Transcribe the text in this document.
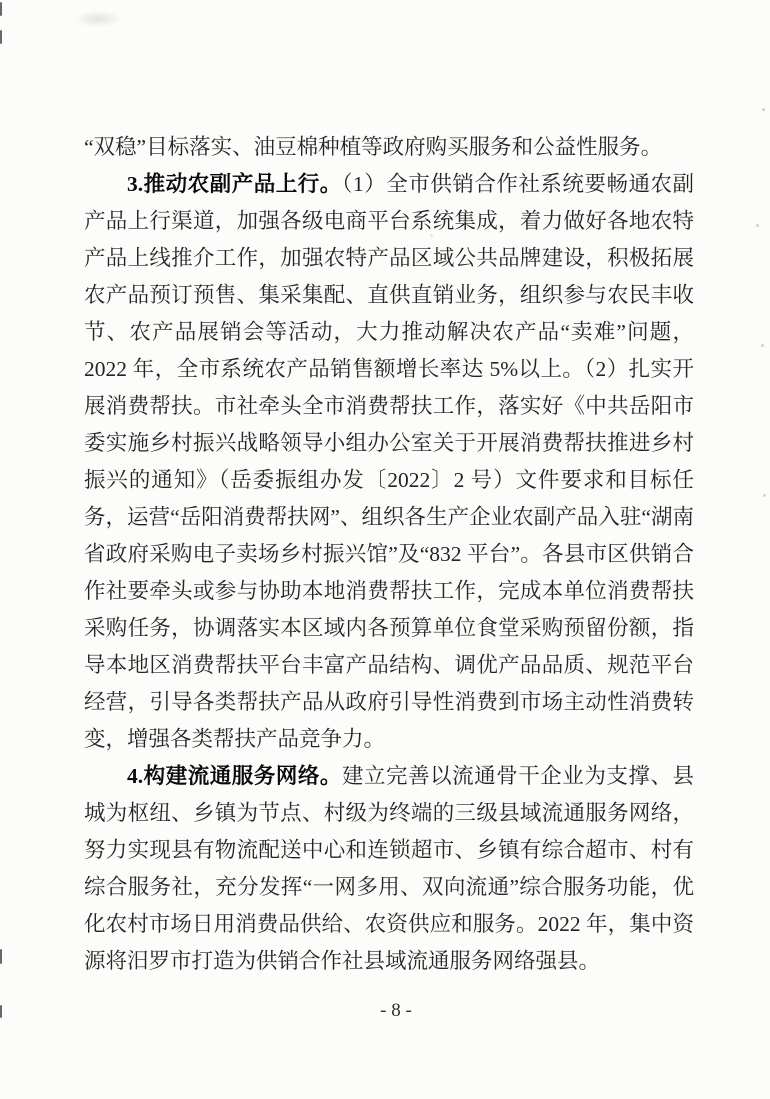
“双稳”目标落实、油豆棉种植等政府购买服务和公益性服务。

3.推动农副产品上行。（1）全市供销合作社系统要畅通农副产品上行渠道，加强各级电商平台系统集成，着力做好各地农特产品上线推介工作，加强农特产品区域公共品牌建设，积极拓展农产品预订预售、集采集配、直供直销业务，组织参与农民丰收节、农产品展销会等活动，大力推动解决农产品“卖难”问题，2022 年，全市系统农产品销售额增长率达 5%以上。（2）扎实开展消费帮扶。市社牵头全市消费帮扶工作，落实好《中共岳阳市委实施乡村振兴战略领导小组办公室关于开展消费帮扶推进乡村振兴的通知》（岳委振组办发〔2022〕2 号）文件要求和目标任务，运营“岳阳消费帮扶网”、组织各生产企业农副产品入驻“湖南省政府采购电子卖场乡村振兴馆”及“832 平台”。各县市区供销合作社要牵头或参与协助本地消费帮扶工作，完成本单位消费帮扶采购任务，协调落实本区域内各预算单位食堂采购预留份额，指导本地区消费帮扶平台丰富产品结构、调优产品品质、规范平台经营，引导各类帮扶产品从政府引导性消费到市场主动性消费转变，增强各类帮扶产品竞争力。

4.构建流通服务网络。建立完善以流通骨干企业为支撑、县城为枢纽、乡镇为节点、村级为终端的三级县域流通服务网络，努力实现县有物流配送中心和连锁超市、乡镇有综合超市、村有综合服务社，充分发挥“一网多用、双向流通”综合服务功能，优化农村市场日用消费品供给、农资供应和服务。2022 年，集中资源将汨罗市打造为供销合作社县域流通服务网络强县。

- 8 -
